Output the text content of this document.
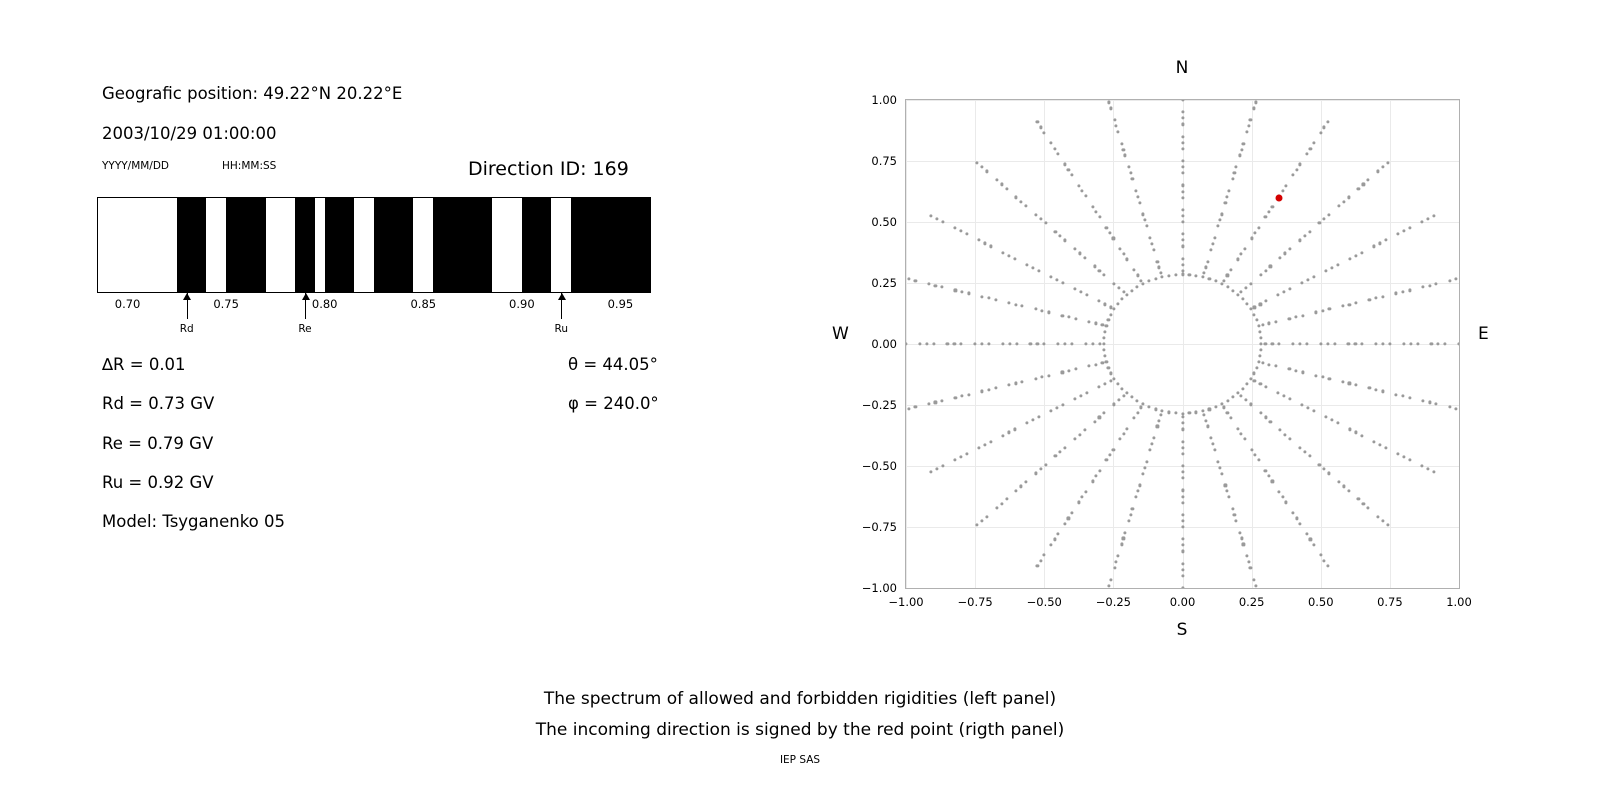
Geografic position: 49.22°N 20.22°E
2003/10/29 01:00:00
YYYY/MM/DD	HH:MM:SS	Direction ID: 169
0.70	0.75	0.80	0.85	0.90	0.95
Rd	Re	Ru
∆R = 0.01
Rd = 0.73 GV
Re = 0.79 GV
Ru = 0.92 GV
Model: Tsyganenko 05
θ = 44.05°
φ = 240.0°
N
S
W	E
−1.00
−0.75
−0.50
−0.25
0.00
0.25
0.50
0.75
1.00
−1.00	−0.75	−0.50	−0.25	0.00	0.25	0.50	0.75	1.00
The spectrum of allowed and forbidden rigidities (left panel)
The incoming direction is signed by the red point (rigth panel)
IEP SAS
